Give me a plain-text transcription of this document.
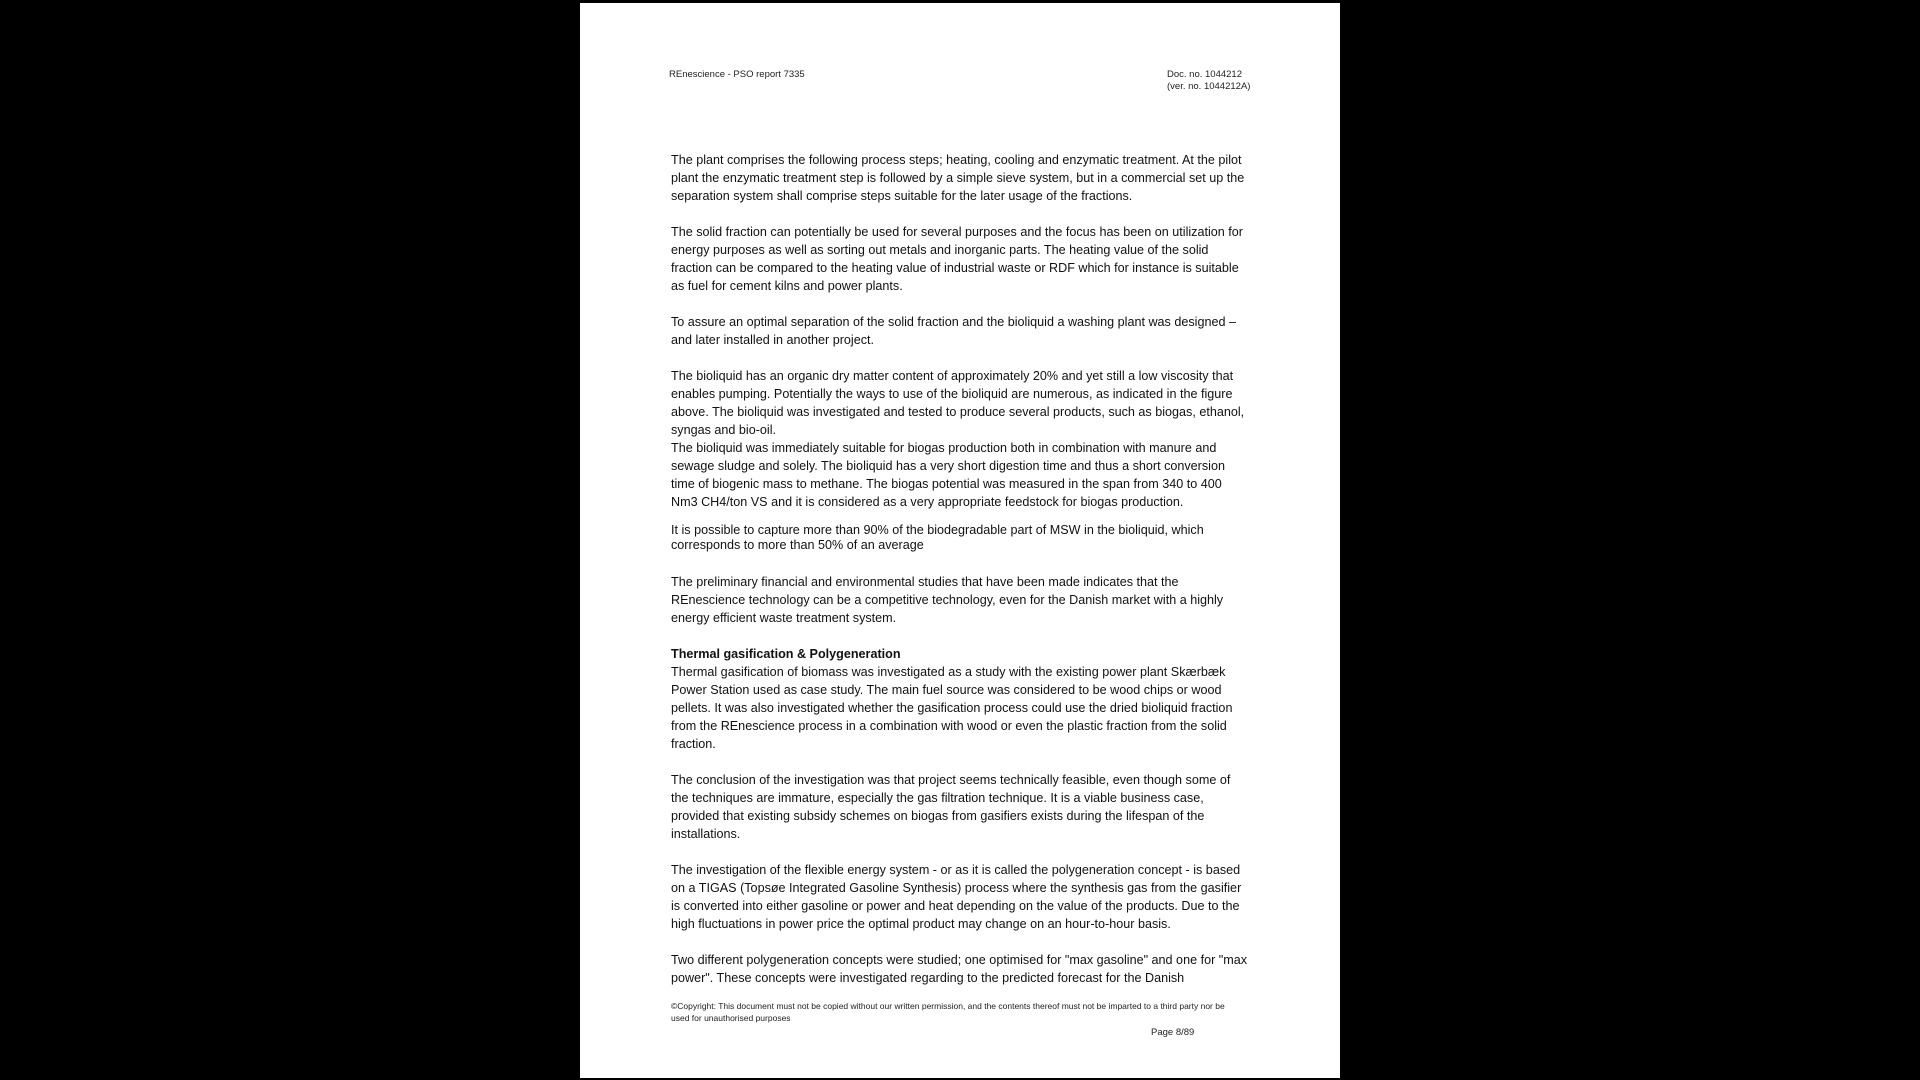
REnescience - PSO report 7335	Doc. no. 1044212
(ver. no. 1044212A)

The plant comprises the following process steps; heating, cooling and enzymatic treatment. At the pilot plant the enzymatic treatment step is followed by a simple sieve system, but in a commercial set up the separation system shall comprise steps suitable for the later usage of the fractions.

The solid fraction can potentially be used for several purposes and the focus has been on utilization for energy purposes as well as sorting out metals and inorganic parts. The heating value of the solid fraction can be compared to the heating value of industrial waste or RDF which for instance is suitable as fuel for cement kilns and power plants.

To assure an optimal separation of the solid fraction and the bioliquid a washing plant was designed – and later installed in another project.

The bioliquid has an organic dry matter content of approximately 20% and yet still a low viscosity that enables pumping. Potentially the ways to use of the bioliquid are numerous, as indicated in the figure above. The bioliquid was investigated and tested to produce several products, such as biogas, ethanol, syngas and bio-oil.

The bioliquid was immediately suitable for biogas production both in combination with manure and sewage sludge and solely. The bioliquid has a very short digestion time and thus a short conversion time of biogenic mass to methane. The biogas potential was measured in the span from 340 to 400 Nm3 CH4/ton VS and it is considered as a very appropriate feedstock for biogas production.

It is possible to capture more than 90% of the biodegradable part of MSW in the bioliquid, which corresponds to more than 50% of an average

The preliminary financial and environmental studies that have been made indicates that the REnescience technology can be a competitive technology, even for the Danish market with a highly energy efficient waste treatment system.

Thermal gasification & Polygeneration

Thermal gasification of biomass was investigated as a study with the existing power plant Skærbæk Power Station used as case study. The main fuel source was considered to be wood chips or wood pellets. It was also investigated whether the gasification process could use the dried bioliquid fraction from the REnescience process in a combination with wood or even the plastic fraction from the solid fraction.

The conclusion of the investigation was that project seems technically feasible, even though some of the techniques are immature, especially the gas filtration technique. It is a viable business case, provided that existing subsidy schemes on biogas from gasifiers exists during the lifespan of the installations.

The investigation of the flexible energy system - or as it is called the polygeneration concept - is based on a TIGAS (Topsøe Integrated Gasoline Synthesis) process where the synthesis gas from the gasifier is converted into either gasoline or power and heat depending on the value of the products. Due to the high fluctuations in power price the optimal product may change on an hour-to-hour basis.

Two different polygeneration concepts were studied; one optimised for "max gasoline" and one for "max power". These concepts were investigated regarding to the predicted forecast for the Danish

©Copyright: This document must not be copied without our written permission, and the contents thereof must not be imparted to a third party nor be used for unauthorised purposes
Page 8/89
